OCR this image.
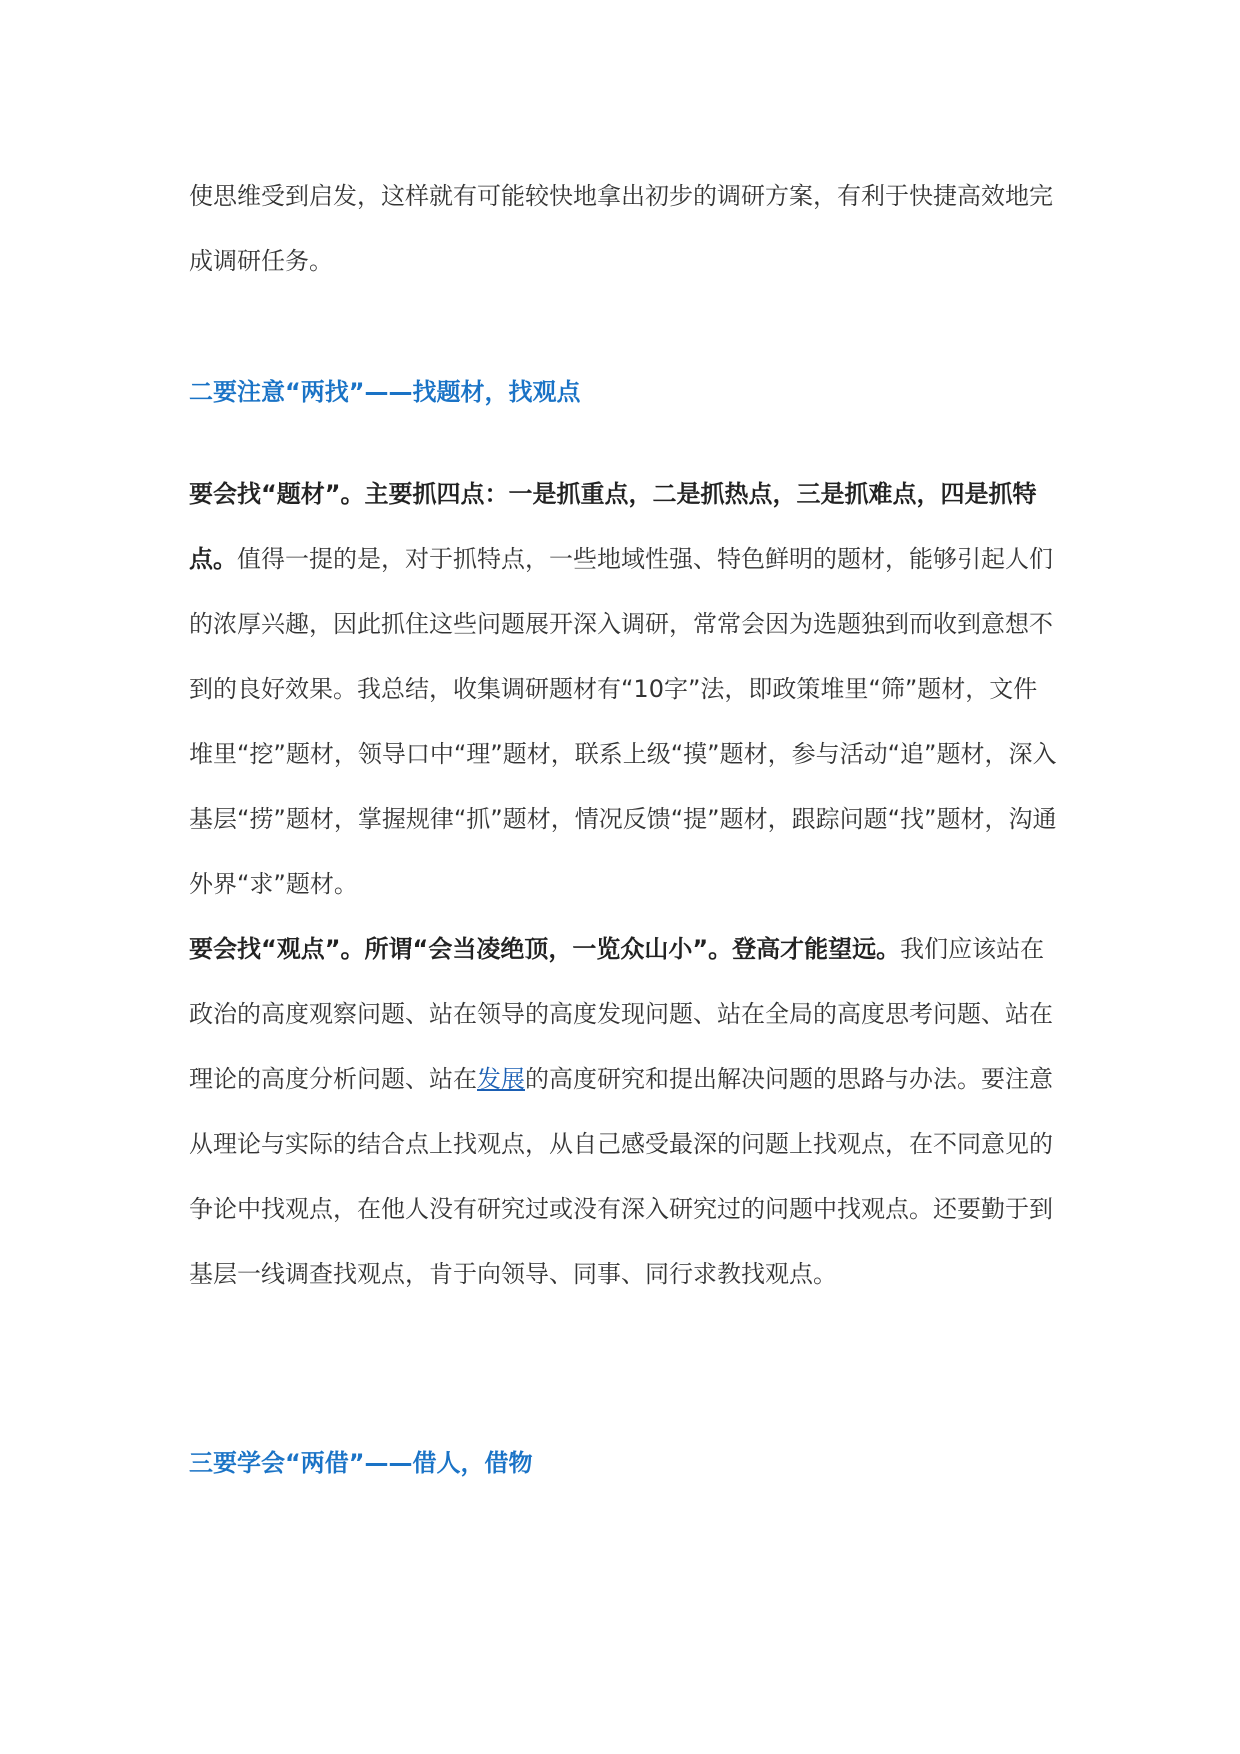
使思维受到启发，这样就有可能较快地拿出初步的调研方案，有利于快捷高效地完成调研任务。

二要注意“两找”——找题材，找观点

要会找“题材”。主要抓四点：一是抓重点，二是抓热点，三是抓难点，四是抓特点。值得一提的是，对于抓特点，一些地域性强、特色鲜明的题材，能够引起人们的浓厚兴趣，因此抓住这些问题展开深入调研，常常会因为选题独到而收到意想不到的良好效果。我总结，收集调研题材有“10字”法，即政策堆里“筛”题材，文件堆里“挖”题材，领导口中“理”题材，联系上级“摸”题材，参与活动“追”题材，深入基层“捞”题材，掌握规律“抓”题材，情况反馈“提”题材，跟踪问题“找”题材，沟通外界“求”题材。

要会找“观点”。所谓“会当凌绝顶，一览众山小”。登高才能望远。我们应该站在政治的高度观察问题、站在领导的高度发现问题、站在全局的高度思考问题、站在理论的高度分析问题、站在发展的高度研究和提出解决问题的思路与办法。要注意从理论与实际的结合点上找观点，从自己感受最深的问题上找观点，在不同意见的争论中找观点，在他人没有研究过或没有深入研究过的问题中找观点。还要勤于到基层一线调查找观点，肯于向领导、同事、同行求教找观点。

三要学会“两借”——借人，借物
